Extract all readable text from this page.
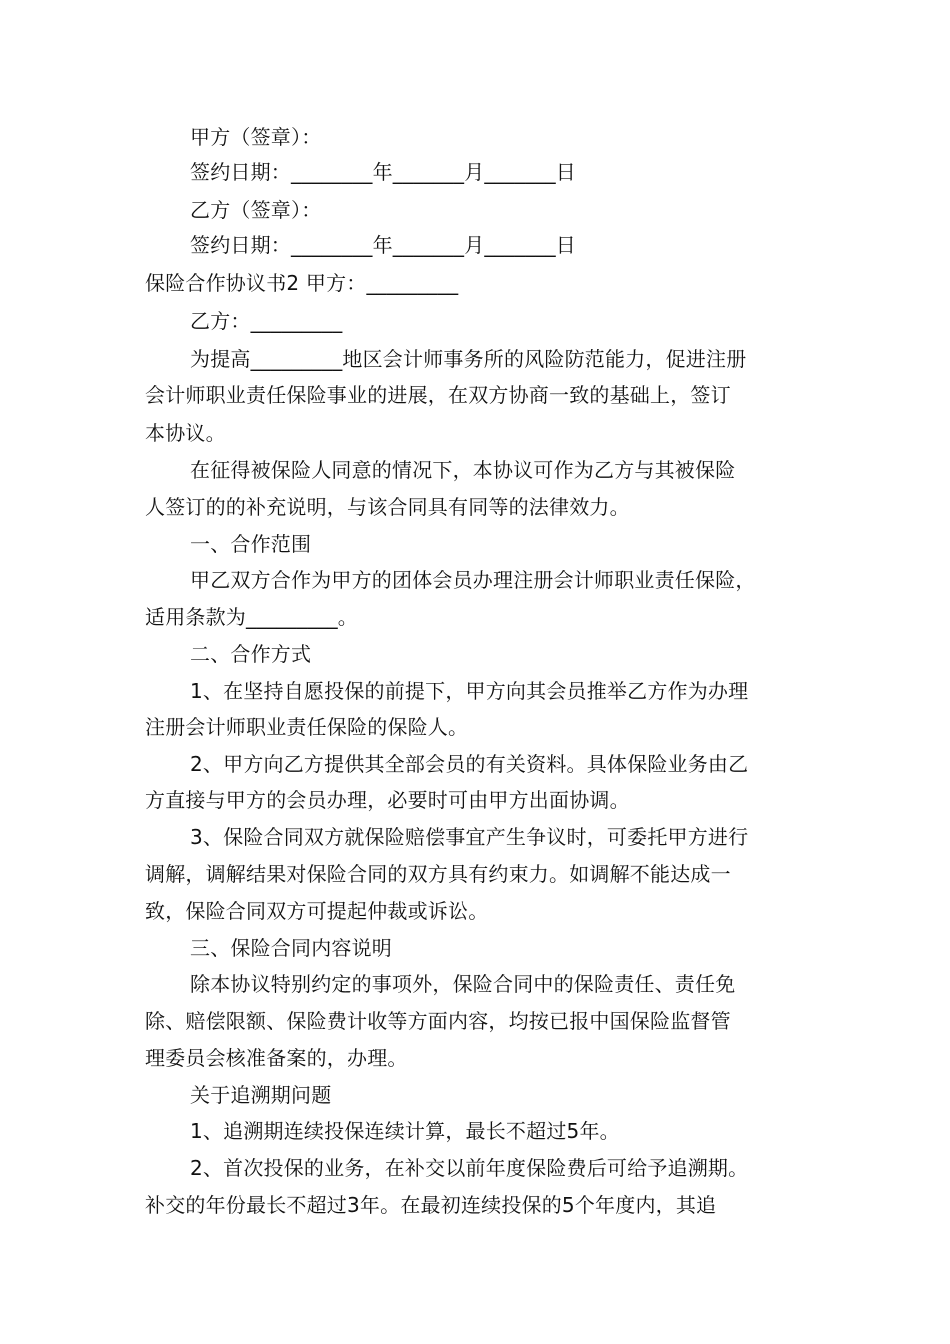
甲方（签章）：
签约日期：________年_______月_______日
乙方（签章）：
签约日期：________年_______月_______日
保险合作协议书2 甲方：_________
乙方：_________
为提高_________地区会计师事务所的风险防范能力，促进注册
会计师职业责任保险事业的进展，在双方协商一致的基础上，签订
本协议。
在征得被保险人同意的情况下，本协议可作为乙方与其被保险
人签订的的补充说明，与该合同具有同等的法律效力。
一、合作范围
甲乙双方合作为甲方的团体会员办理注册会计师职业责任保险，
适用条款为_________。
二、合作方式
1、在坚持自愿投保的前提下，甲方向其会员推举乙方作为办理
注册会计师职业责任保险的保险人。
2、甲方向乙方提供其全部会员的有关资料。具体保险业务由乙
方直接与甲方的会员办理，必要时可由甲方出面协调。
3、保险合同双方就保险赔偿事宜产生争议时，可委托甲方进行
调解，调解结果对保险合同的双方具有约束力。如调解不能达成一
致，保险合同双方可提起仲裁或诉讼。
三、保险合同内容说明
除本协议特别约定的事项外，保险合同中的保险责任、责任免
除、赔偿限额、保险费计收等方面内容，均按已报中国保险监督管
理委员会核准备案的，办理。
关于追溯期问题
1、追溯期连续投保连续计算，最长不超过5年。
2、首次投保的业务，在补交以前年度保险费后可给予追溯期。
补交的年份最长不超过3年。在最初连续投保的5个年度内，其追
